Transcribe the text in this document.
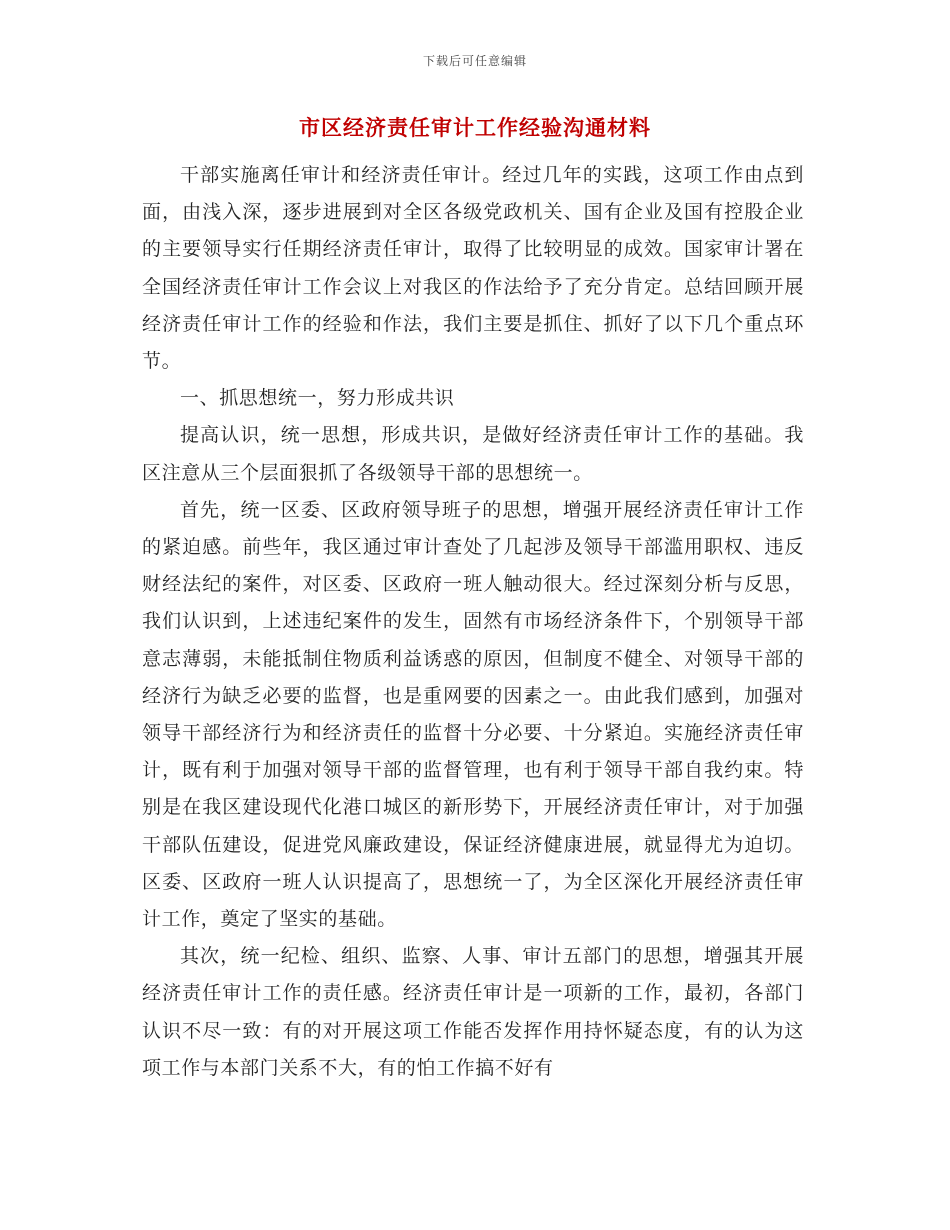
下载后可任意编辑
市区经济责任审计工作经验沟通材料

干部实施离任审计和经济责任审计。经过几年的实践，这项工作由点到面，由浅入深，逐步进展到对全区各级党政机关、国有企业及国有控股企业的主要领导实行任期经济责任审计，取得了比较明显的成效。国家审计署在全国经济责任审计工作会议上对我区的作法给予了充分肯定。总结回顾开展经济责任审计工作的经验和作法，我们主要是抓住、抓好了以下几个重点环节。

一、抓思想统一，努力形成共识

提高认识，统一思想，形成共识，是做好经济责任审计工作的基础。我区注意从三个层面狠抓了各级领导干部的思想统一。

首先，统一区委、区政府领导班子的思想，增强开展经济责任审计工作的紧迫感。前些年，我区通过审计查处了几起涉及领导干部滥用职权、违反财经法纪的案件，对区委、区政府一班人触动很大。经过深刻分析与反思，我们认识到，上述违纪案件的发生，固然有市场经济条件下，个别领导干部意志薄弱，未能抵制住物质利益诱惑的原因，但制度不健全、对领导干部的经济行为缺乏必要的监督，也是重网要的因素之一。由此我们感到，加强对领导干部经济行为和经济责任的监督十分必要、十分紧迫。实施经济责任审计，既有利于加强对领导干部的监督管理，也有利于领导干部自我约束。特别是在我区建设现代化港口城区的新形势下，开展经济责任审计，对于加强干部队伍建设，促进党风廉政建设，保证经济健康进展，就显得尤为迫切。区委、区政府一班人认识提高了，思想统一了，为全区深化开展经济责任审计工作，奠定了坚实的基础。

其次，统一纪检、组织、监察、人事、审计五部门的思想，增强其开展经济责任审计工作的责任感。经济责任审计是一项新的工作，最初，各部门认识不尽一致：有的对开展这项工作能否发挥作用持怀疑态度，有的认为这项工作与本部门关系不大，有的怕工作搞不好有
